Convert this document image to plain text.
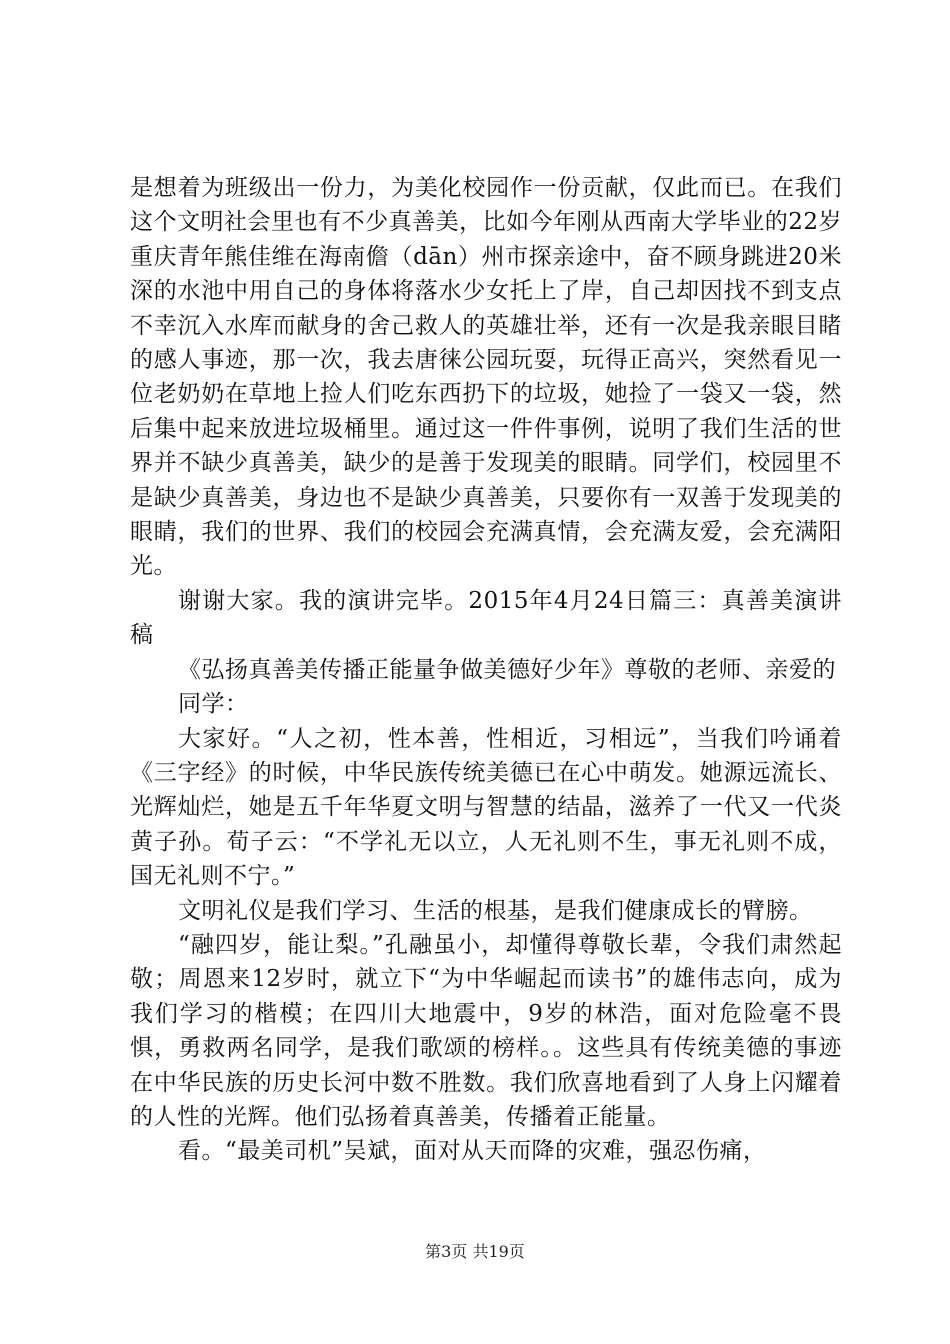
是想着为班级出一份力，为美化校园作一份贡献，仅此而已。在我们这个文明社会里也有不少真善美，比如今年刚从西南大学毕业的22岁重庆青年熊佳维在海南儋（dān）州市探亲途中，奋不顾身跳进20米深的水池中用自己的身体将落水少女托上了岸，自己却因找不到支点不幸沉入水库而献身的舍己救人的英雄壮举，还有一次是我亲眼目睹的感人事迹，那一次，我去唐徕公园玩耍，玩得正高兴，突然看见一位老奶奶在草地上捡人们吃东西扔下的垃圾，她捡了一袋又一袋，然后集中起来放进垃圾桶里。通过这一件件事例，说明了我们生活的世界并不缺少真善美，缺少的是善于发现美的眼睛。同学们，校园里不是缺少真善美，身边也不是缺少真善美，只要你有一双善于发现美的眼睛，我们的世界、我们的校园会充满真情，会充满友爱，会充满阳光。

谢谢大家。我的演讲完毕。2015年4月24日篇三：真善美演讲稿

《弘扬真善美传播正能量争做美德好少年》尊敬的老师、亲爱的

同学：

大家好。“人之初，性本善，性相近，习相远”，当我们吟诵着《三字经》的时候，中华民族传统美德已在心中萌发。她源远流长、光辉灿烂，她是五千年华夏文明与智慧的结晶，滋养了一代又一代炎黄子孙。荀子云：“不学礼无以立，人无礼则不生，事无礼则不成，国无礼则不宁。”

文明礼仪是我们学习、生活的根基，是我们健康成长的臂膀。

“融四岁，能让梨。”孔融虽小，却懂得尊敬长辈，令我们肃然起敬；周恩来12岁时，就立下“为中华崛起而读书”的雄伟志向，成为我们学习的楷模；在四川大地震中，9岁的林浩，面对危险毫不畏惧，勇救两名同学，是我们歌颂的榜样。。这些具有传统美德的事迹在中华民族的历史长河中数不胜数。我们欣喜地看到了人身上闪耀着的人性的光辉。他们弘扬着真善美，传播着正能量。

看。“最美司机”吴斌，面对从天而降的灾难，强忍伤痛，

第3页 共19页
